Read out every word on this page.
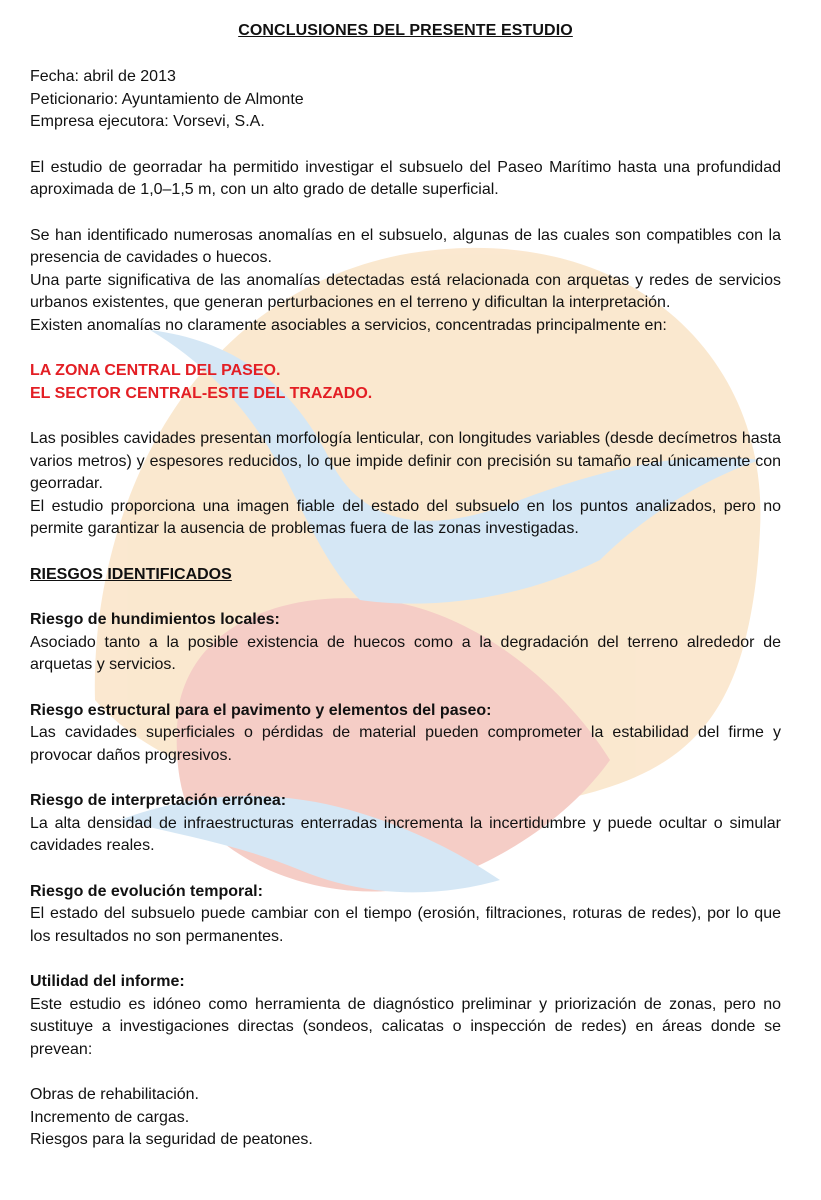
CONCLUSIONES DEL PRESENTE ESTUDIO
Fecha: abril de 2013
Peticionario: Ayuntamiento de Almonte
Empresa ejecutora: Vorsevi, S.A.

El estudio de georradar ha permitido investigar el subsuelo del Paseo Marítimo hasta una profundidad aproximada de 1,0–1,5 m, con un alto grado de detalle superficial.

Se han identificado numerosas anomalías en el subsuelo, algunas de las cuales son compatibles con la presencia de cavidades o huecos.

Una parte significativa de las anomalías detectadas está relacionada con arquetas y redes de servicios urbanos existentes, que generan perturbaciones en el terreno y dificultan la interpretación.

Existen anomalías no claramente asociables a servicios, concentradas principalmente en:

LA ZONA CENTRAL DEL PASEO.
EL SECTOR CENTRAL-ESTE DEL TRAZADO.

Las posibles cavidades presentan morfología lenticular, con longitudes variables (desde decímetros hasta varios metros) y espesores reducidos, lo que impide definir con precisión su tamaño real únicamente con georradar.

El estudio proporciona una imagen fiable del estado del subsuelo en los puntos analizados, pero no permite garantizar la ausencia de problemas fuera de las zonas investigadas.

RIESGOS IDENTIFICADOS
Riesgo de hundimientos locales:

Asociado tanto a la posible existencia de huecos como a la degradación del terreno alrededor de arquetas y servicios.

Riesgo estructural para el pavimento y elementos del paseo:

Las cavidades superficiales o pérdidas de material pueden comprometer la estabilidad del firme y provocar daños progresivos.

Riesgo de interpretación errónea:

La alta densidad de infraestructuras enterradas incrementa la incertidumbre y puede ocultar o simular cavidades reales.

Riesgo de evolución temporal:

El estado del subsuelo puede cambiar con el tiempo (erosión, filtraciones, roturas de redes), por lo que los resultados no son permanentes.

Utilidad del informe:

Este estudio es idóneo como herramienta de diagnóstico preliminar y priorización de zonas, pero no sustituye a investigaciones directas (sondeos, calicatas o inspección de redes) en áreas donde se prevean:

Obras de rehabilitación.
Incremento de cargas.
Riesgos para la seguridad de peatones.
